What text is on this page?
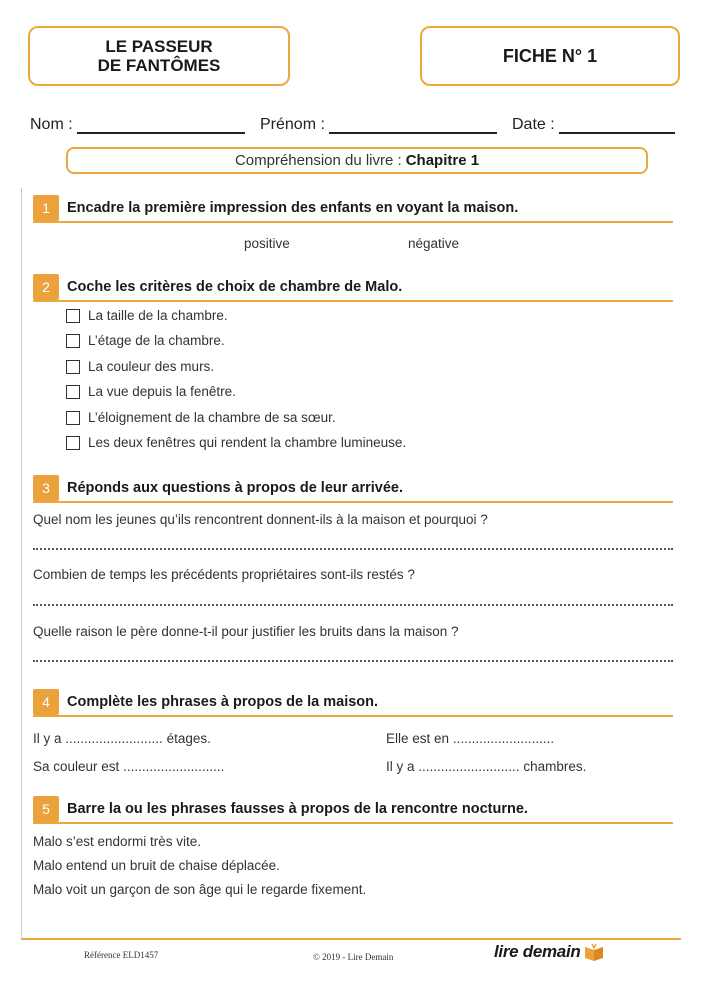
LE PASSEUR
DE FANTÔMES	FICHE N° 1
Nom :	Prénom :	Date :
Compréhension du livre : Chapitre 1
1	Encadre la première impression des enfants en voyant la maison.
positive	négative
2	Coche les critères de choix de chambre de Malo.
La taille de la chambre.
L’étage de la chambre.
La couleur des murs.
La vue depuis la fenêtre.
L’éloignement de la chambre de sa sœur.
Les deux fenêtres qui rendent la chambre lumineuse.
3	Réponds aux questions à propos de leur arrivée.
Quel nom les jeunes qu’ils rencontrent donnent-ils à la maison et pourquoi ?
Combien de temps les précédents propriétaires sont-ils restés ?
Quelle raison le père donne-t-il pour justifier les bruits dans la maison ?
4	Complète les phrases à propos de la maison.
Il y a .......................... étages.	Elle est en ...........................
Sa couleur est ...........................	Il y a ........................... chambres.
5	Barre la ou les phrases fausses à propos de la rencontre nocturne.
Malo s’est endormi très vite.
Malo entend un bruit de chaise déplacée.
Malo voit un garçon de son âge qui le regarde fixement.
Référence ELD1457	© 2019 - Lire Demain	lire demain
